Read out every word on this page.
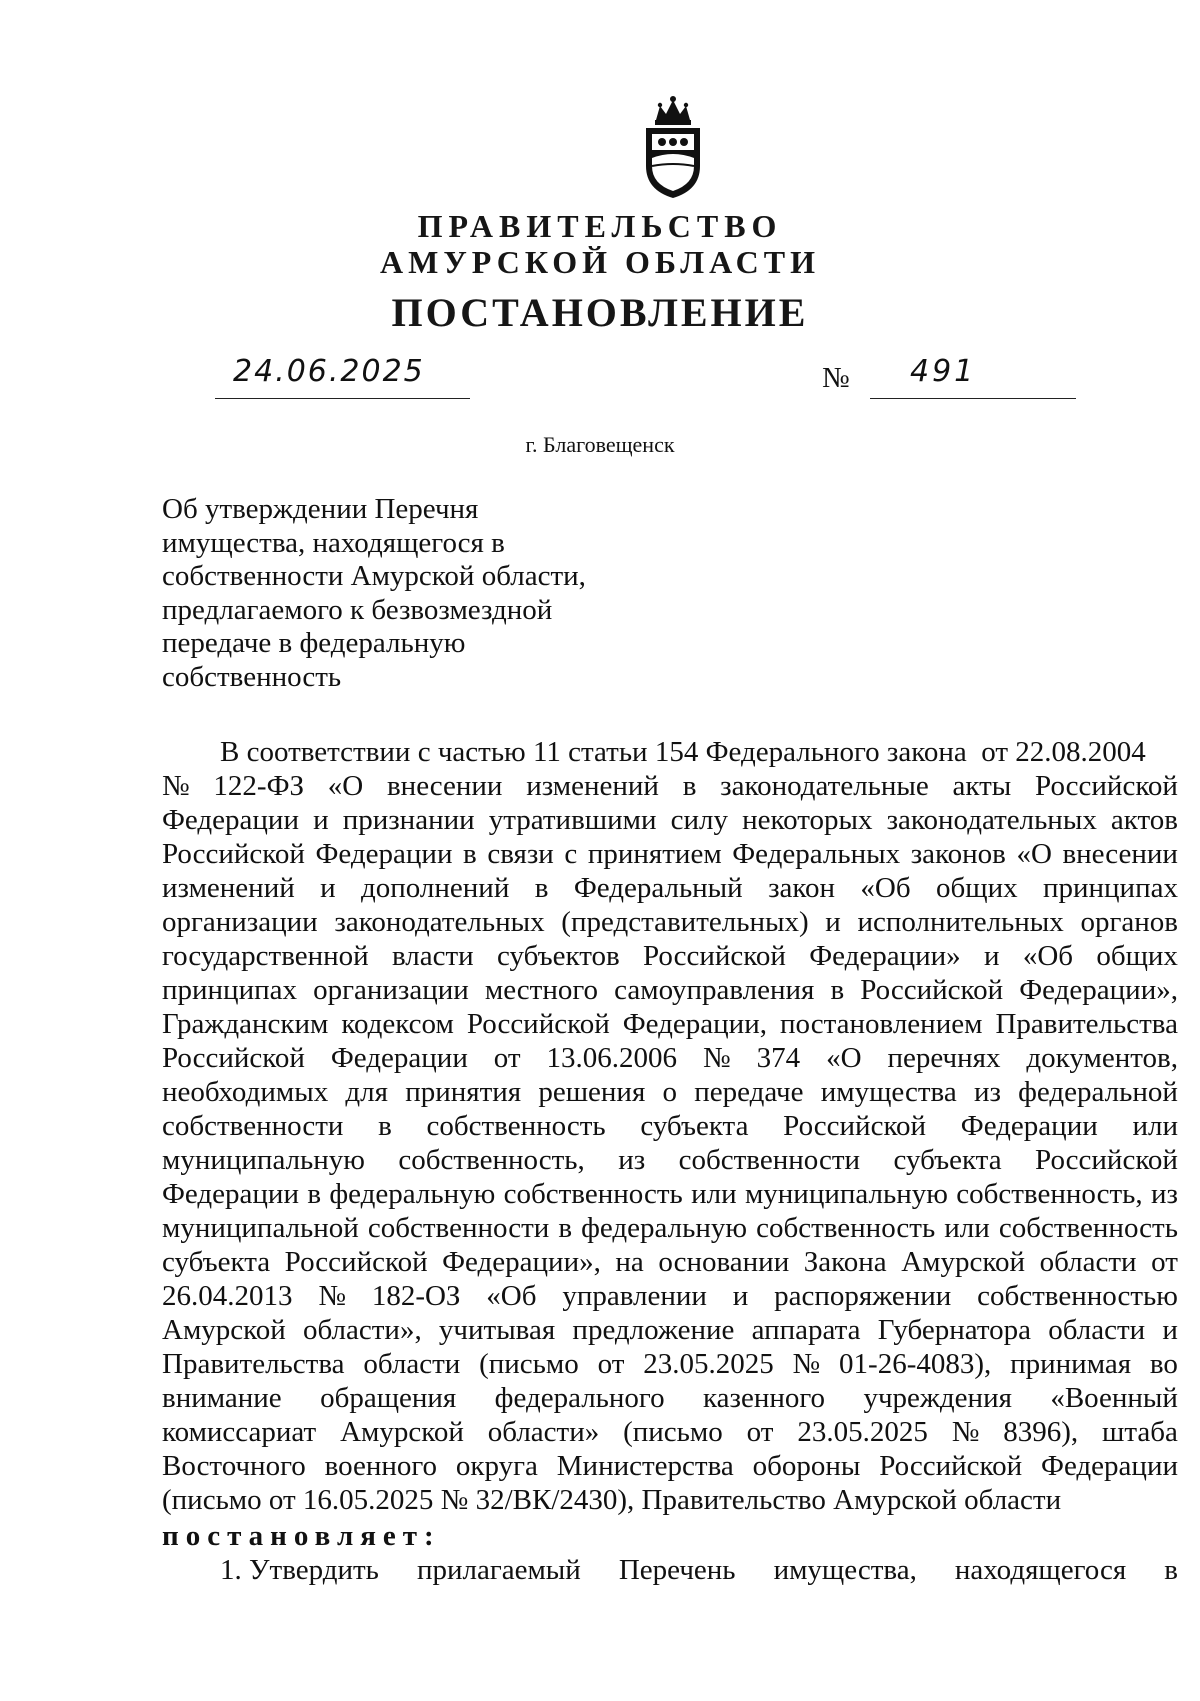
ПРАВИТЕЛЬСТВО
АМУРСКОЙ ОБЛАСТИ
ПОСТАНОВЛЕНИЕ
24.06.2025	№ 491
г. Благовещенск
Об утверждении Перечня
имущества, находящегося в
собственности Амурской области,
предлагаемого к безвозмездной
передаче в федеральную
собственность
В соответствии с частью 11 статьи 154 Федерального закона  от 22.08.2004
№ 122-ФЗ «О внесении изменений в законодательные акты Российской
Федерации и признании утратившими силу некоторых законодательных актов
Российской Федерации в связи с принятием Федеральных законов «О внесении
изменений и дополнений в Федеральный закон «Об общих принципах
организации законодательных (представительных) и исполнительных органов
государственной власти субъектов Российской Федерации» и «Об общих
принципах организации местного самоуправления в Российской Федерации»,
Гражданским кодексом Российской Федерации, постановлением Правительства
Российской Федерации от 13.06.2006 № 374 «О перечнях документов,
необходимых для принятия решения о передаче имущества из федеральной
собственности в собственность субъекта Российской Федерации или
муниципальную собственность, из собственности субъекта Российской
Федерации в федеральную собственность или муниципальную собственность, из
муниципальной собственности в федеральную собственность или собственность
субъекта Российской Федерации», на основании Закона Амурской области от
26.04.2013 № 182-ОЗ «Об управлении и распоряжении собственностью
Амурской области», учитывая предложение аппарата Губернатора области и
Правительства области (письмо от 23.05.2025 № 01-26-4083), принимая во
внимание обращения федерального казенного учреждения «Военный
комиссариат Амурской области» (письмо от 23.05.2025 № 8396), штаба
Восточного военного округа Министерства обороны Российской Федерации
(письмо от 16.05.2025 № 32/ВК/2430), Правительство Амурской области
постановляет:
1. Утвердить прилагаемый Перечень имущества, находящегося в
